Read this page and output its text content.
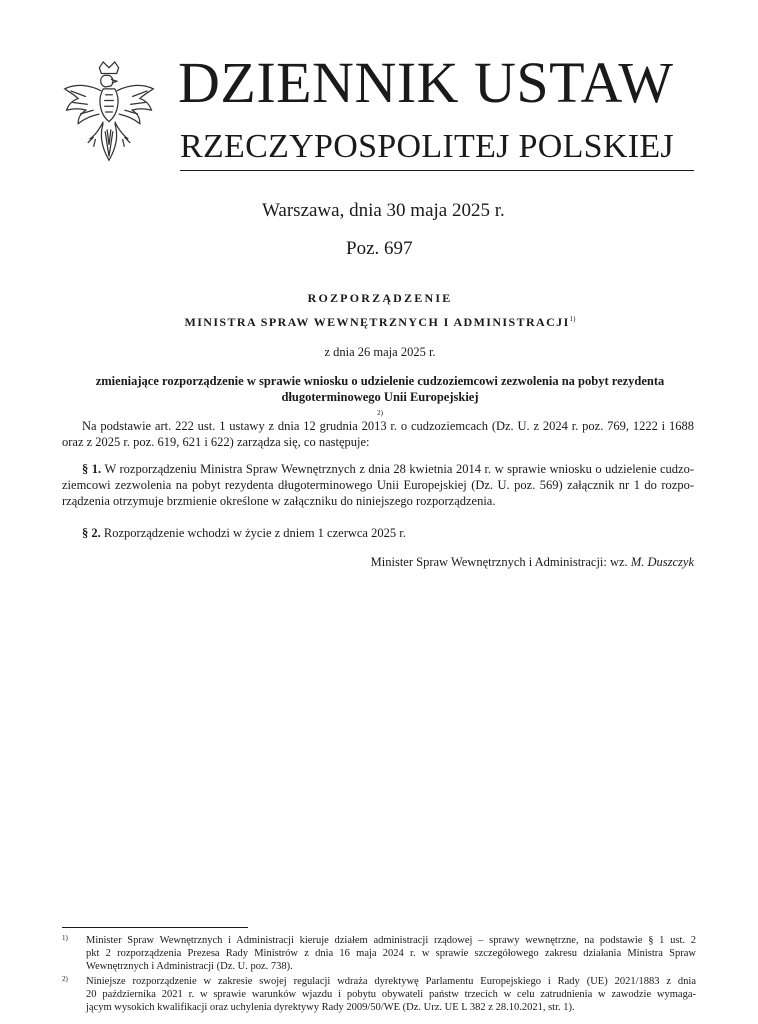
DZIENNIK USTAW
RZECZYPOSPOLITEJ POLSKIEJ
Warszawa, dnia 30 maja 2025 r.
Poz. 697
ROZPORZĄDZENIE
MINISTRA SPRAW WEWNĘTRZNYCH I ADMINISTRACJI$^{1)}$
z dnia 26 maja 2025 r.
zmieniające rozporządzenie w sprawie wniosku o udzielenie cudzoziemcowi zezwolenia na pobyt rezydenta
długoterminowego Unii Europejskiej
$^{2)}$
Na podstawie art. 222 ust. 1 ustawy z dnia 12 grudnia 2013 r. o cudzoziemcach (Dz. U. z 2024 r. poz. 769, 1222 i 1688
oraz z 2025 r. poz. 619, 621 i 622) zarządza się, co następuje:
§ 1. W rozporządzeniu Ministra Spraw Wewnętrznych z dnia 28 kwietnia 2014 r. w sprawie wniosku o udzielenie cudzo-
ziemcowi zezwolenia na pobyt rezydenta długoterminowego Unii Europejskiej (Dz. U. poz. 569) załącznik nr 1 do rozpo-
rządzenia otrzymuje brzmienie określone w załączniku do niniejszego rozporządzenia.
§ 2. Rozporządzenie wchodzi w życie z dniem 1 czerwca 2025 r.
Minister Spraw Wewnętrznych i Administracji: wz. M. Duszczyk
1) Minister Spraw Wewnętrznych i Administracji kieruje działem administracji rządowej – sprawy wewnętrzne, na podstawie § 1 ust. 2
pkt 2 rozporządzenia Prezesa Rady Ministrów z dnia 16 maja 2024 r. w sprawie szczegółowego zakresu działania Ministra Spraw
Wewnętrznych i Administracji (Dz. U. poz. 738).
2) Niniejsze rozporządzenie w zakresie swojej regulacji wdraża dyrektywę Parlamentu Europejskiego i Rady (UE) 2021/1883 z dnia
20 października 2021 r. w sprawie warunków wjazdu i pobytu obywateli państw trzecich w celu zatrudnienia w zawodzie wymaga-
jącym wysokich kwalifikacji oraz uchylenia dyrektywy Rady 2009/50/WE (Dz. Urz. UE L 382 z 28.10.2021, str. 1).
